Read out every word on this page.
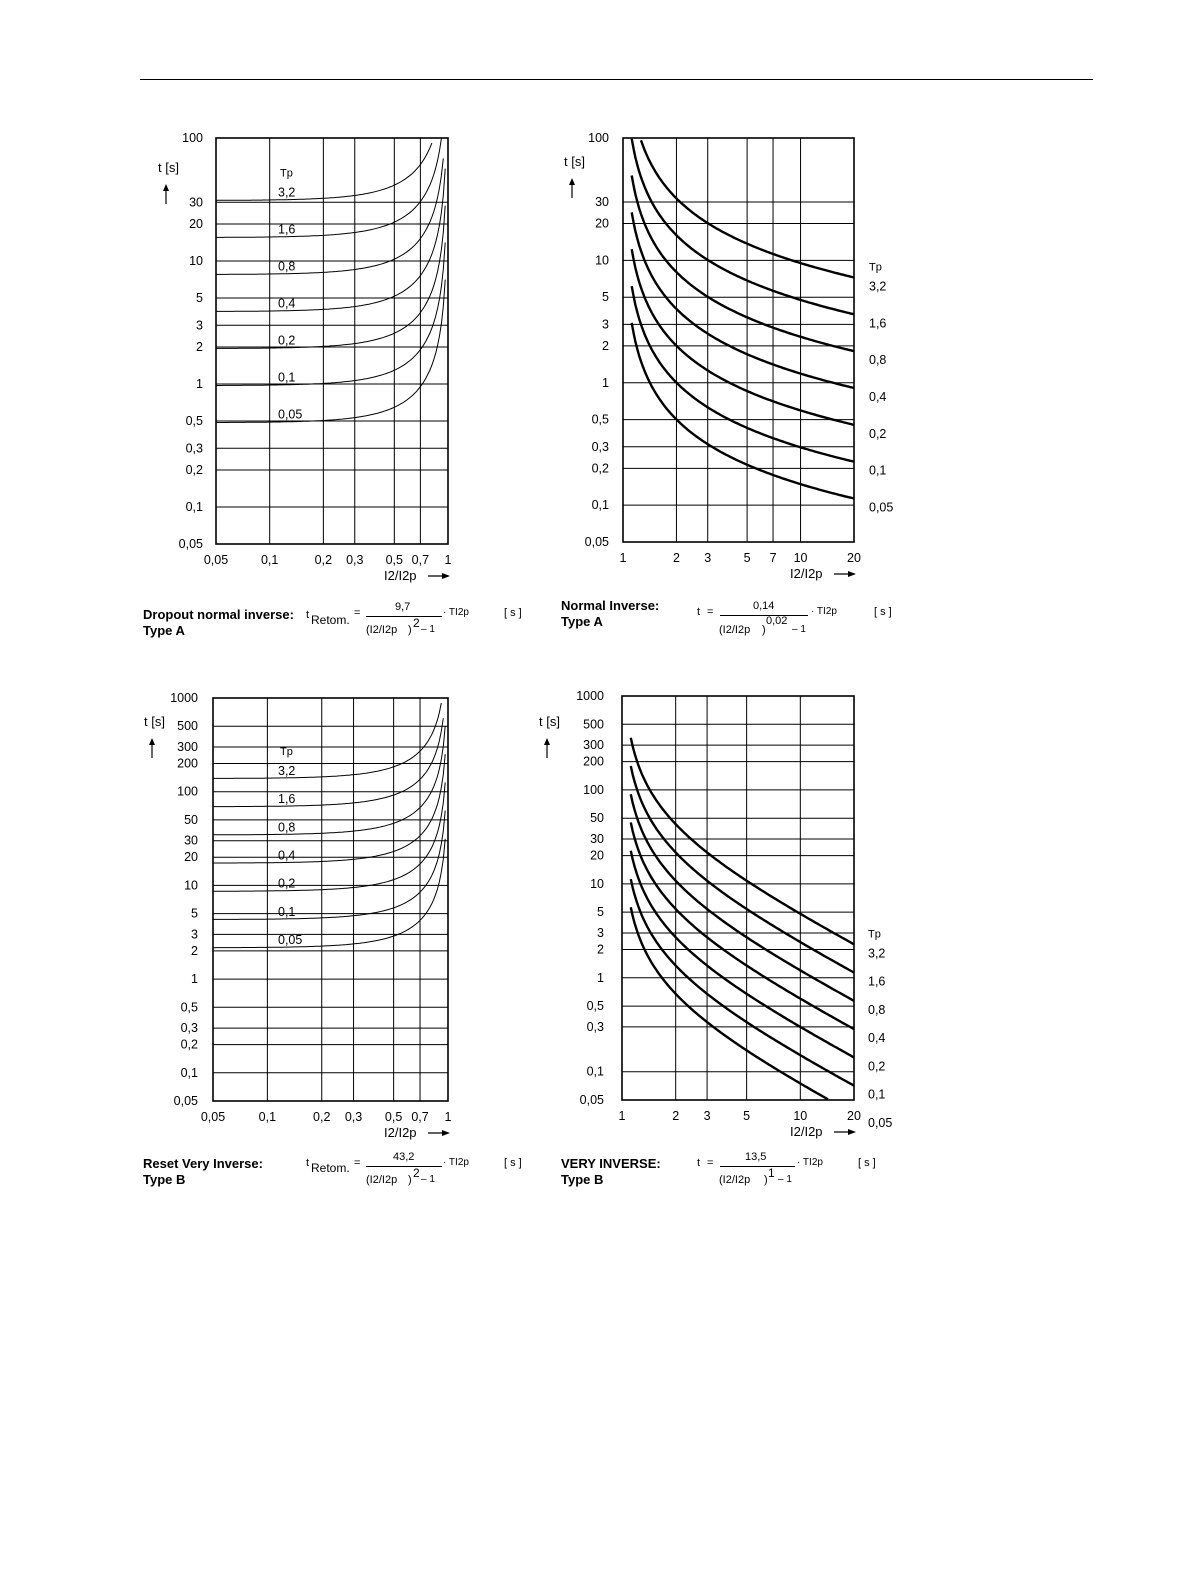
0,05	0,1	0,2 0,3 0,5 0,7 1
100
30
20
10
5
3
2
1
0,5
0,3
0,2
0,1
0,05
t [s]
I2/I2p
Tp
3,2
1,6
0,8
0,4
0,2
0,1
0,05
1	2 3	5 7 10	20
100
30
20
10
5
3
2
1
0,5
0,3
0,2
0,1
0,05
t [s]
I2/I2p
Tp
3,2
1,6
0,8
0,4
0,2
0,1
0,05
0,05	0,1	0,2 0,3 0,5 0,7 1
1000
500
300
200
100
50
30
20
10
5
3
2
1
0,5
0,3
0,2
0,1
0,05
t [s]
I2/I2p
Tp
3,2
1,6
0,8
0,4
0,2
0,1
0,05
1	2 3	5	10	20
1000
500
300
200
100
50
30
20
10
5
3
2
1
0,5
0,3
0,1
0,05
t [s]
I2/I2p
Tp
3,2
1,6
0,8
0,4
0,2
0,1
0,05
Dropout normal inverse:
Type A
t Retom. =	9,7
(I2/I2p ) 2 – 1
· TI2p	[ s ]	Normal Inverse:
Type A
t =	0,14
(I2/I2p )
0,02
– 1
· TI2p	[ s ]
Reset Very Inverse:
Type B
t Retom. =	43,2
(I2/I2p ) 2 – 1
· TI2p	[ s ]	VERY INVERSE:
Type B
t =	13,5
(I2/I2p ) 1 – 1
· TI2p	[ s ]
